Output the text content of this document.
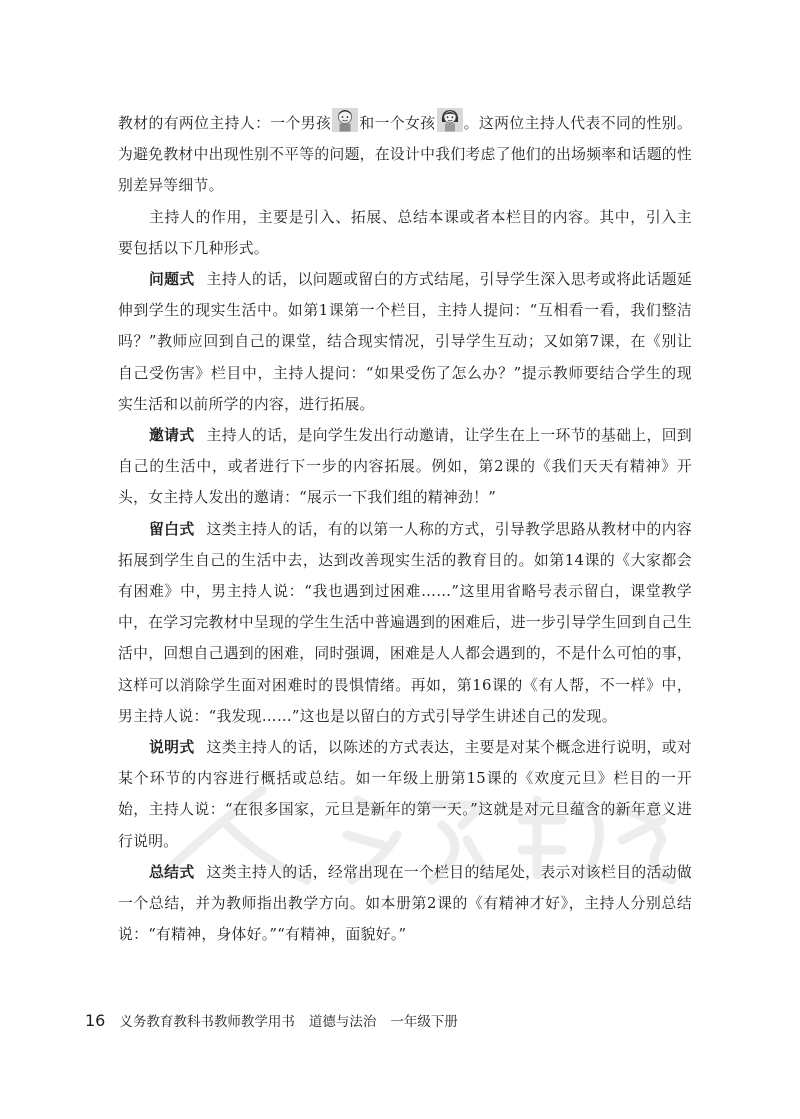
教材的有两位主持人：一个男孩 和一个女孩 。这两位主持人代表不同的性别。为避免教材中出现性别不平等的问题，在设计中我们考虑了他们的出场频率和话题的性别差异等细节。

主持人的作用，主要是引入、拓展、总结本课或者本栏目的内容。其中，引入主要包括以下几种形式。

问题式 主持人的话，以问题或留白的方式结尾，引导学生深入思考或将此话题延伸到学生的现实生活中。如第1课第一个栏目，主持人提问：“互相看一看，我们整洁吗？”教师应回到自己的课堂，结合现实情况，引导学生互动；又如第7课，在《别让自己受伤害》栏目中，主持人提问：“如果受伤了怎么办？”提示教师要结合学生的现实生活和以前所学的内容，进行拓展。

邀请式 主持人的话，是向学生发出行动邀请，让学生在上一环节的基础上，回到自己的生活中，或者进行下一步的内容拓展。例如，第2课的《我们天天有精神》开头，女主持人发出的邀请：“展示一下我们组的精神劲！”

留白式 这类主持人的话，有的以第一人称的方式，引导教学思路从教材中的内容拓展到学生自己的生活中去，达到改善现实生活的教育目的。如第14课的《大家都会有困难》中，男主持人说：“我也遇到过困难……”这里用省略号表示留白，课堂教学中，在学习完教材中呈现的学生生活中普遍遇到的困难后，进一步引导学生回到自己生活中，回想自己遇到的困难，同时强调，困难是人人都会遇到的，不是什么可怕的事，这样可以消除学生面对困难时的畏惧情绪。再如，第16课的《有人帮，不一样》中，男主持人说：“我发现……”这也是以留白的方式引导学生讲述自己的发现。

说明式 这类主持人的话，以陈述的方式表达，主要是对某个概念进行说明，或对某个环节的内容进行概括或总结。如一年级上册第15课的《欢度元旦》栏目的一开始，主持人说：“在很多国家，元旦是新年的第一天。”这就是对元旦蕴含的新年意义进行说明。

总结式 这类主持人的话，经常出现在一个栏目的结尾处，表示对该栏目的活动做一个总结，并为教师指出教学方向。如本册第2课的《有精神才好》，主持人分别总结说：“有精神，身体好。”“有精神，面貌好。”

16 义务教育教科书教师教学用书 道德与法治 一年级下册
